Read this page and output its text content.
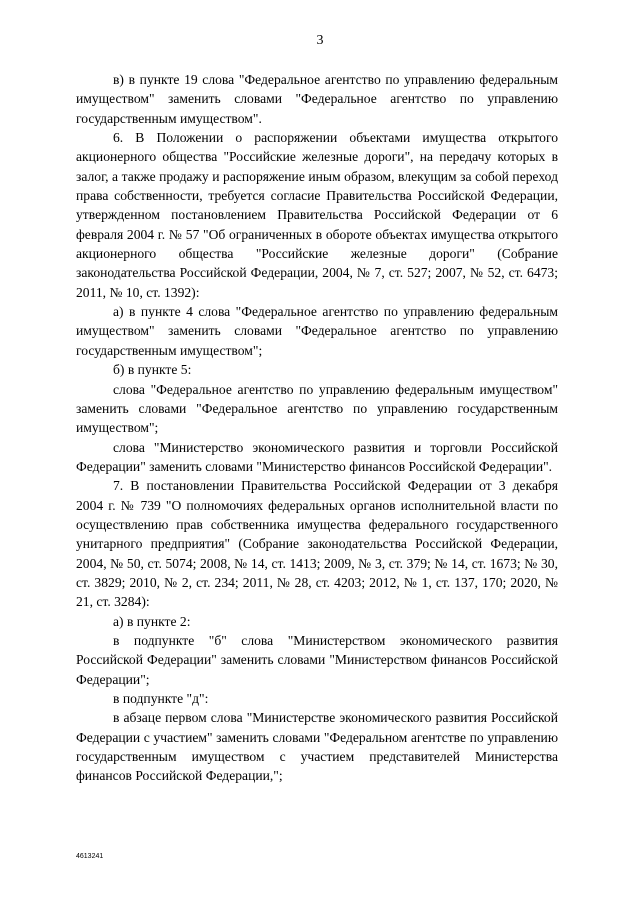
3

в) в пункте 19 слова "Федеральное агентство по управлению федеральным имуществом" заменить словами "Федеральное агентство по управлению государственным имуществом".

6. В Положении о распоряжении объектами имущества открытого акционерного общества "Российские железные дороги", на передачу которых в залог, а также продажу и распоряжение иным образом, влекущим за собой переход права собственности, требуется согласие Правительства Российской Федерации, утвержденном постановлением Правительства Российской Федерации от 6 февраля 2004 г. № 57 "Об ограниченных в обороте объектах имущества открытого акционерного общества "Российские железные дороги" (Собрание законодательства Российской Федерации, 2004, № 7, ст. 527; 2007, № 52, ст. 6473; 2011, № 10, ст. 1392):

а) в пункте 4 слова "Федеральное агентство по управлению федеральным имуществом" заменить словами "Федеральное агентство по управлению государственным имуществом";

б) в пункте 5:

слова "Федеральное агентство по управлению федеральным имуществом" заменить словами "Федеральное агентство по управлению государственным имуществом";

слова "Министерство экономического развития и торговли Российской Федерации" заменить словами "Министерство финансов Российской Федерации".

7. В постановлении Правительства Российской Федерации от 3 декабря 2004 г. № 739 "О полномочиях федеральных органов исполнительной власти по осуществлению прав собственника имущества федерального государственного унитарного предприятия" (Собрание законодательства Российской Федерации, 2004, № 50, ст. 5074; 2008, № 14, ст. 1413; 2009, № 3, ст. 379; № 14, ст. 1673; № 30, ст. 3829; 2010, № 2, ст. 234; 2011, № 28, ст. 4203; 2012, № 1, ст. 137, 170; 2020, № 21, ст. 3284):

а) в пункте 2:

в подпункте "б" слова "Министерством экономического развития Российской Федерации" заменить словами "Министерством финансов Российской Федерации";

в подпункте "д":

в абзаце первом слова "Министерстве экономического развития Российской Федерации с участием" заменить словами "Федеральном агентстве по управлению государственным имуществом с участием представителей Министерства финансов Российской Федерации,";

4613241
